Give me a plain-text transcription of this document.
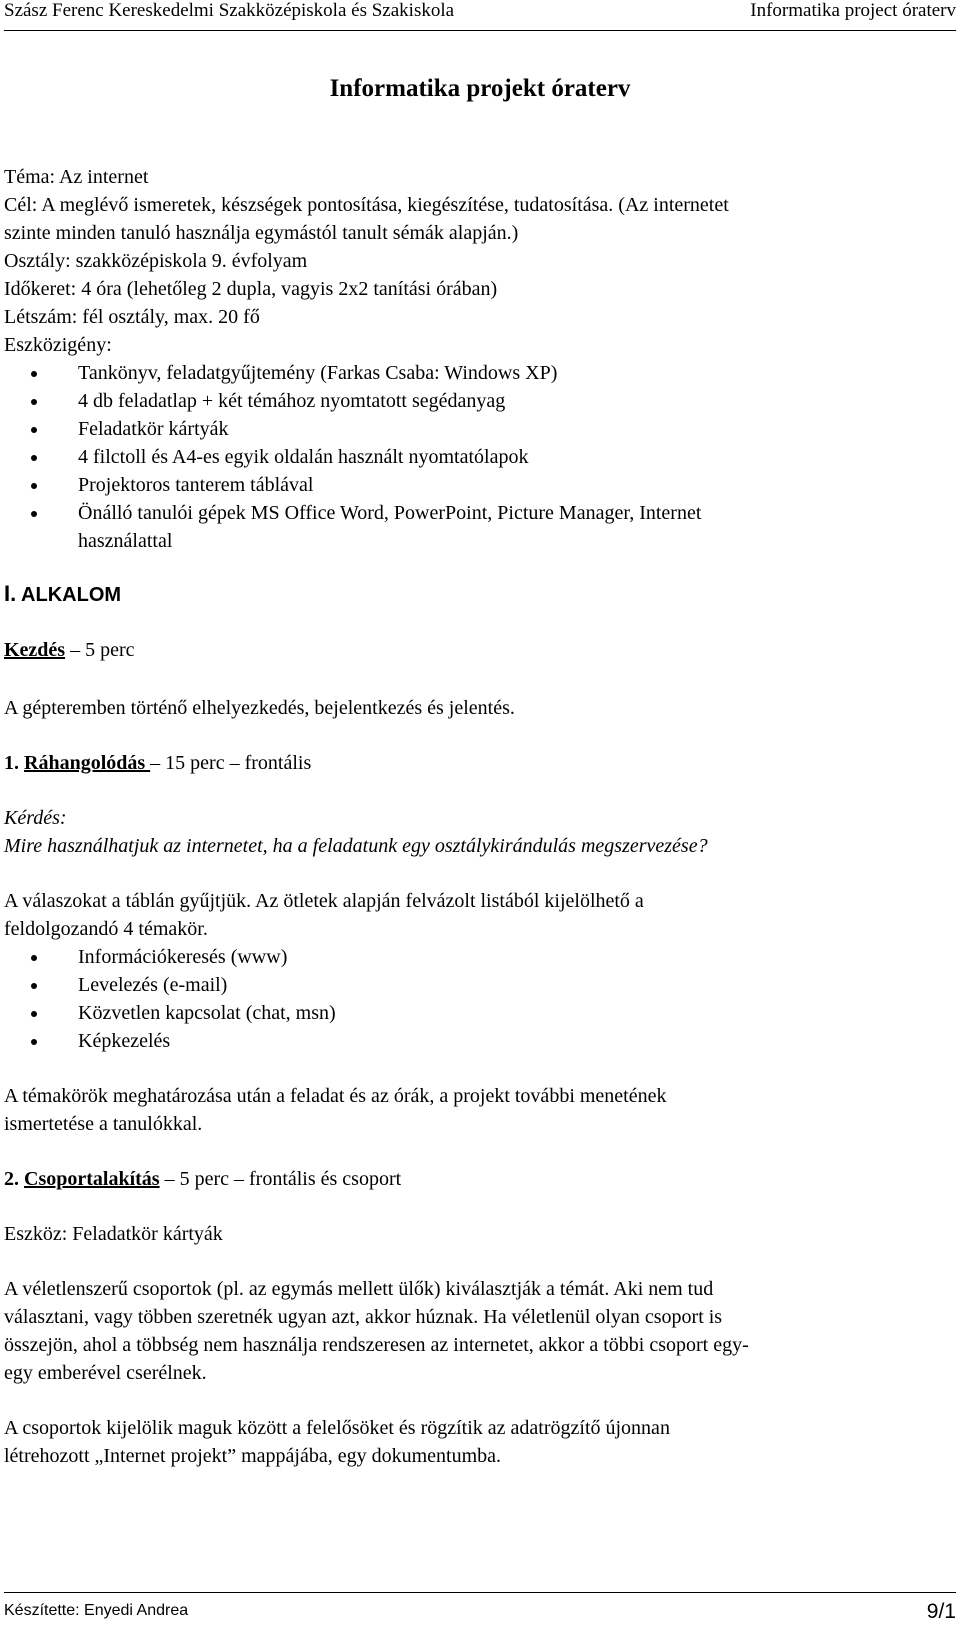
Szász Ferenc Kereskedelmi Szakközépiskola és Szakiskola	Informatika project óraterv
Informatika projekt óraterv

Téma: Az internet

Cél: A meglévő ismeretek, készségek pontosítása, kiegészítése, tudatosítása. (Az internetet

szinte minden tanuló használja egymástól tanult sémák alapján.)

Osztály: szakközépiskola 9. évfolyam

Időkeret: 4 óra (lehetőleg 2 dupla, vagyis 2x2 tanítási órában)

Létszám: fél osztály, max. 20 fő

Eszközigény:

Tankönyv, feladatgyűjtemény (Farkas Csaba: Windows XP)
4 db feladatlap + két témához nyomtatott segédanyag
Feladatkör kártyák
4 filctoll és A4-es egyik oldalán használt nyomtatólapok
Projektoros tanterem táblával
Önálló tanulói gépek MS Office Word, PowerPoint, Picture Manager, Internet
használattal

I. ALKALOM

Kezdés – 5 perc

A gépteremben történő elhelyezkedés, bejelentkezés és jelentés.

1. Ráhangolódás – 15 perc – frontális

Kérdés:

Mire használhatjuk az internetet, ha a feladatunk egy osztálykirándulás megszervezése?

A válaszokat a táblán gyűjtjük. Az ötletek alapján felvázolt listából kijelölhető a

feldolgozandó 4 témakör.

Információkeresés (www)
Levelezés (e-mail)
Közvetlen kapcsolat (chat, msn)
Képkezelés

A témakörök meghatározása után a feladat és az órák, a projekt további menetének

ismertetése a tanulókkal.

2. Csoportalakítás – 5 perc – frontális és csoport

Eszköz: Feladatkör kártyák

A véletlenszerű csoportok (pl. az egymás mellett ülők) kiválasztják a témát. Aki nem tud

választani, vagy többen szeretnék ugyan azt, akkor húznak. Ha véletlenül olyan csoport is

összejön, ahol a többség nem használja rendszeresen az internetet, akkor a többi csoport egy-

egy emberével cserélnek.

A csoportok kijelölik maguk között a felelősöket és rögzítik az adatrögzítő újonnan

létrehozott „Internet projekt” mappájába, egy dokumentumba.

Készítette: Enyedi Andrea	9/1
